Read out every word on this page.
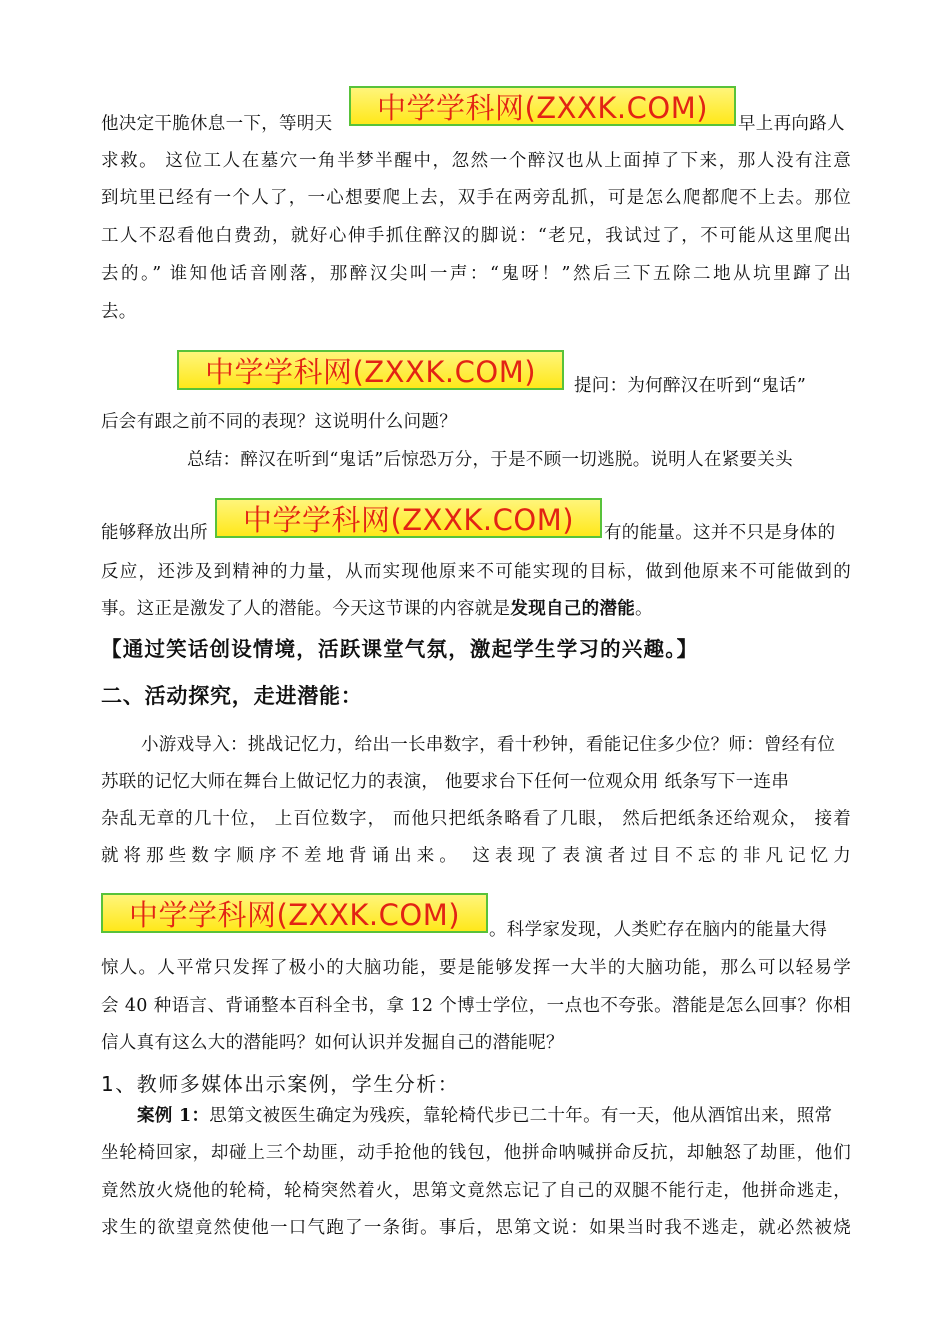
他决定干脆休息一下，等明天	中学学科网(ZXXK.COM)	早上再向路人
求救。 这位工人在墓穴一角半梦半醒中，忽然一个醉汉也从上面掉了下来，那人没有注意
到坑里已经有一个人了，一心想要爬上去，双手在两旁乱抓，可是怎么爬都爬不上去。那位
工人不忍看他白费劲，就好心伸手抓住醉汉的脚说：“老兄，我试过了，不可能从这里爬出
去的。” 谁知他话音刚落，那醉汉尖叫一声：“鬼呀！”然后三下五除二地从坑里蹿了出
去。
中学学科网(ZXXK.COM)	提问：为何醉汉在听到“鬼话”
后会有跟之前不同的表现？这说明什么问题？
总结：醉汉在听到“鬼话”后惊恐万分，于是不顾一切逃脱。说明人在紧要关头
能够释放出所	中学学科网(ZXXK.COM)	有的能量。这并不只是身体的
反应，还涉及到精神的力量，从而实现他原来不可能实现的目标，做到他原来不可能做到的
事。这正是激发了人的潜能。今天这节课的内容就是发现自己的潜能。
【通过笑话创设情境，活跃课堂气氛，激起学生学习的兴趣。】
二、活动探究，走进潜能：
小游戏导入：挑战记忆力，给出一长串数字，看十秒钟，看能记住多少位？师：曾经有位
苏联的记忆大师在舞台上做记忆力的表演， 他要求台下任何一位观众用 纸条写下一连串
杂乱无章的几十位， 上百位数字， 而他只把纸条略看了几眼， 然后把纸条还给观众， 接着
就将那些数字顺序不差地背诵出来。 这表现了表演者过目不忘的非凡记忆力
中学学科网(ZXXK.COM)	。科学家发现，人类贮存在脑内的能量大得
惊人。人平常只发挥了极小的大脑功能，要是能够发挥一大半的大脑功能，那么可以轻易学
会 40 种语言、背诵整本百科全书，拿 12 个博士学位，一点也不夸张。潜能是怎么回事？你相
信人真有这么大的潜能吗？如何认识并发掘自己的潜能呢？
1、教师多媒体出示案例，学生分析：
案例 1：思第文被医生确定为残疾，靠轮椅代步已二十年。有一天，他从酒馆出来，照常
坐轮椅回家，却碰上三个劫匪，动手抢他的钱包，他拼命呐喊拼命反抗，却触怒了劫匪，他们
竟然放火烧他的轮椅，轮椅突然着火，思第文竟然忘记了自己的双腿不能行走，他拼命逃走，
求生的欲望竟然使他一口气跑了一条街。事后，思第文说：如果当时我不逃走，就必然被烧
